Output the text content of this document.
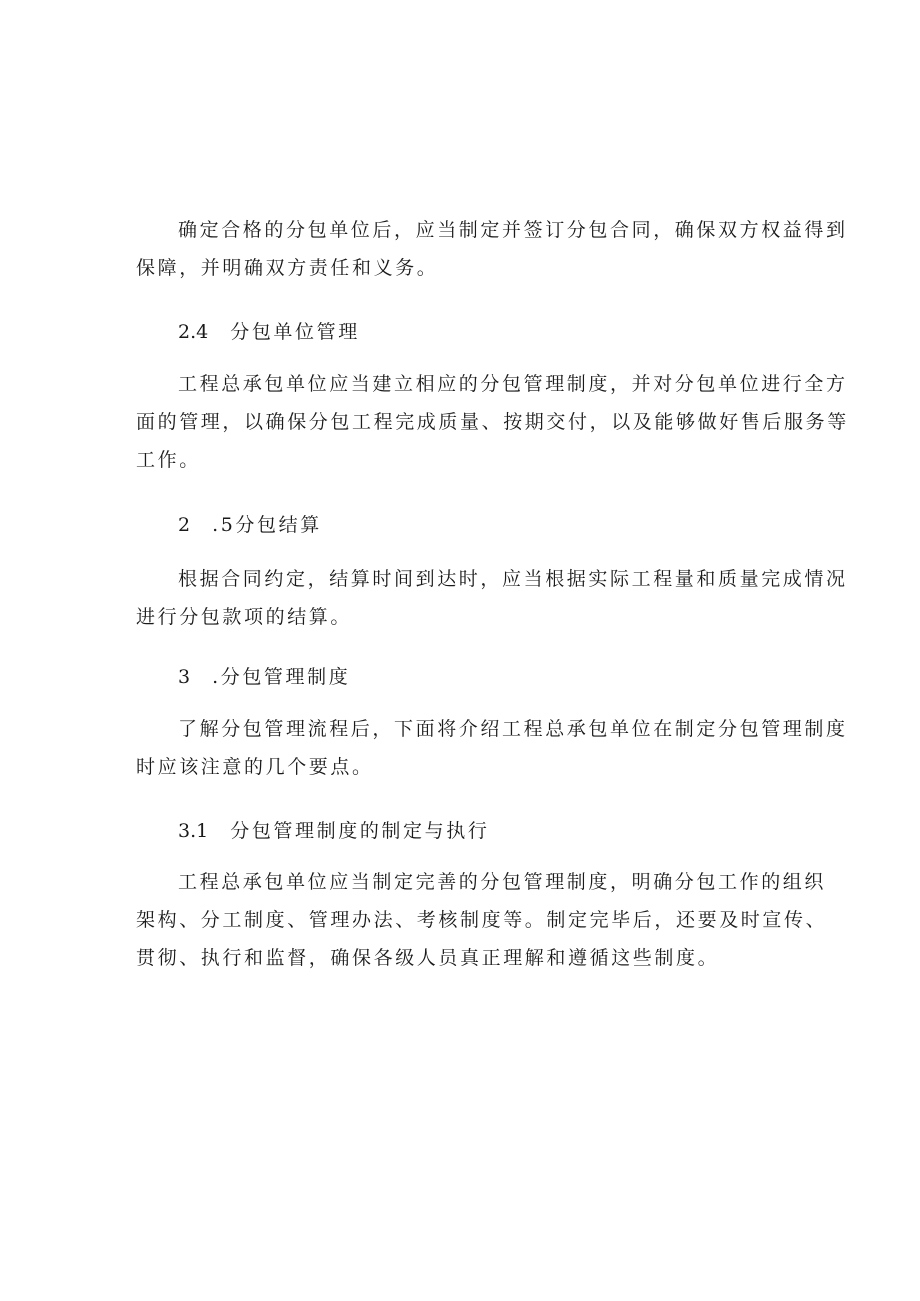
确定合格的分包单位后，应当制定并签订分包合同，确保双方权益得到
保障，并明确双方责任和义务。
2.4 分包单位管理
工程总承包单位应当建立相应的分包管理制度，并对分包单位进行全方
面的管理，以确保分包工程完成质量、按期交付，以及能够做好售后服务等
工作。
2 .5分包结算
根据合同约定，结算时间到达时，应当根据实际工程量和质量完成情况
进行分包款项的结算。
3 .分包管理制度
了解分包管理流程后，下面将介绍工程总承包单位在制定分包管理制度
时应该注意的几个要点。
3.1 分包管理制度的制定与执行
工程总承包单位应当制定完善的分包管理制度，明确分包工作的组织
架构、分工制度、管理办法、考核制度等。制定完毕后，还要及时宣传、
贯彻、执行和监督，确保各级人员真正理解和遵循这些制度。
